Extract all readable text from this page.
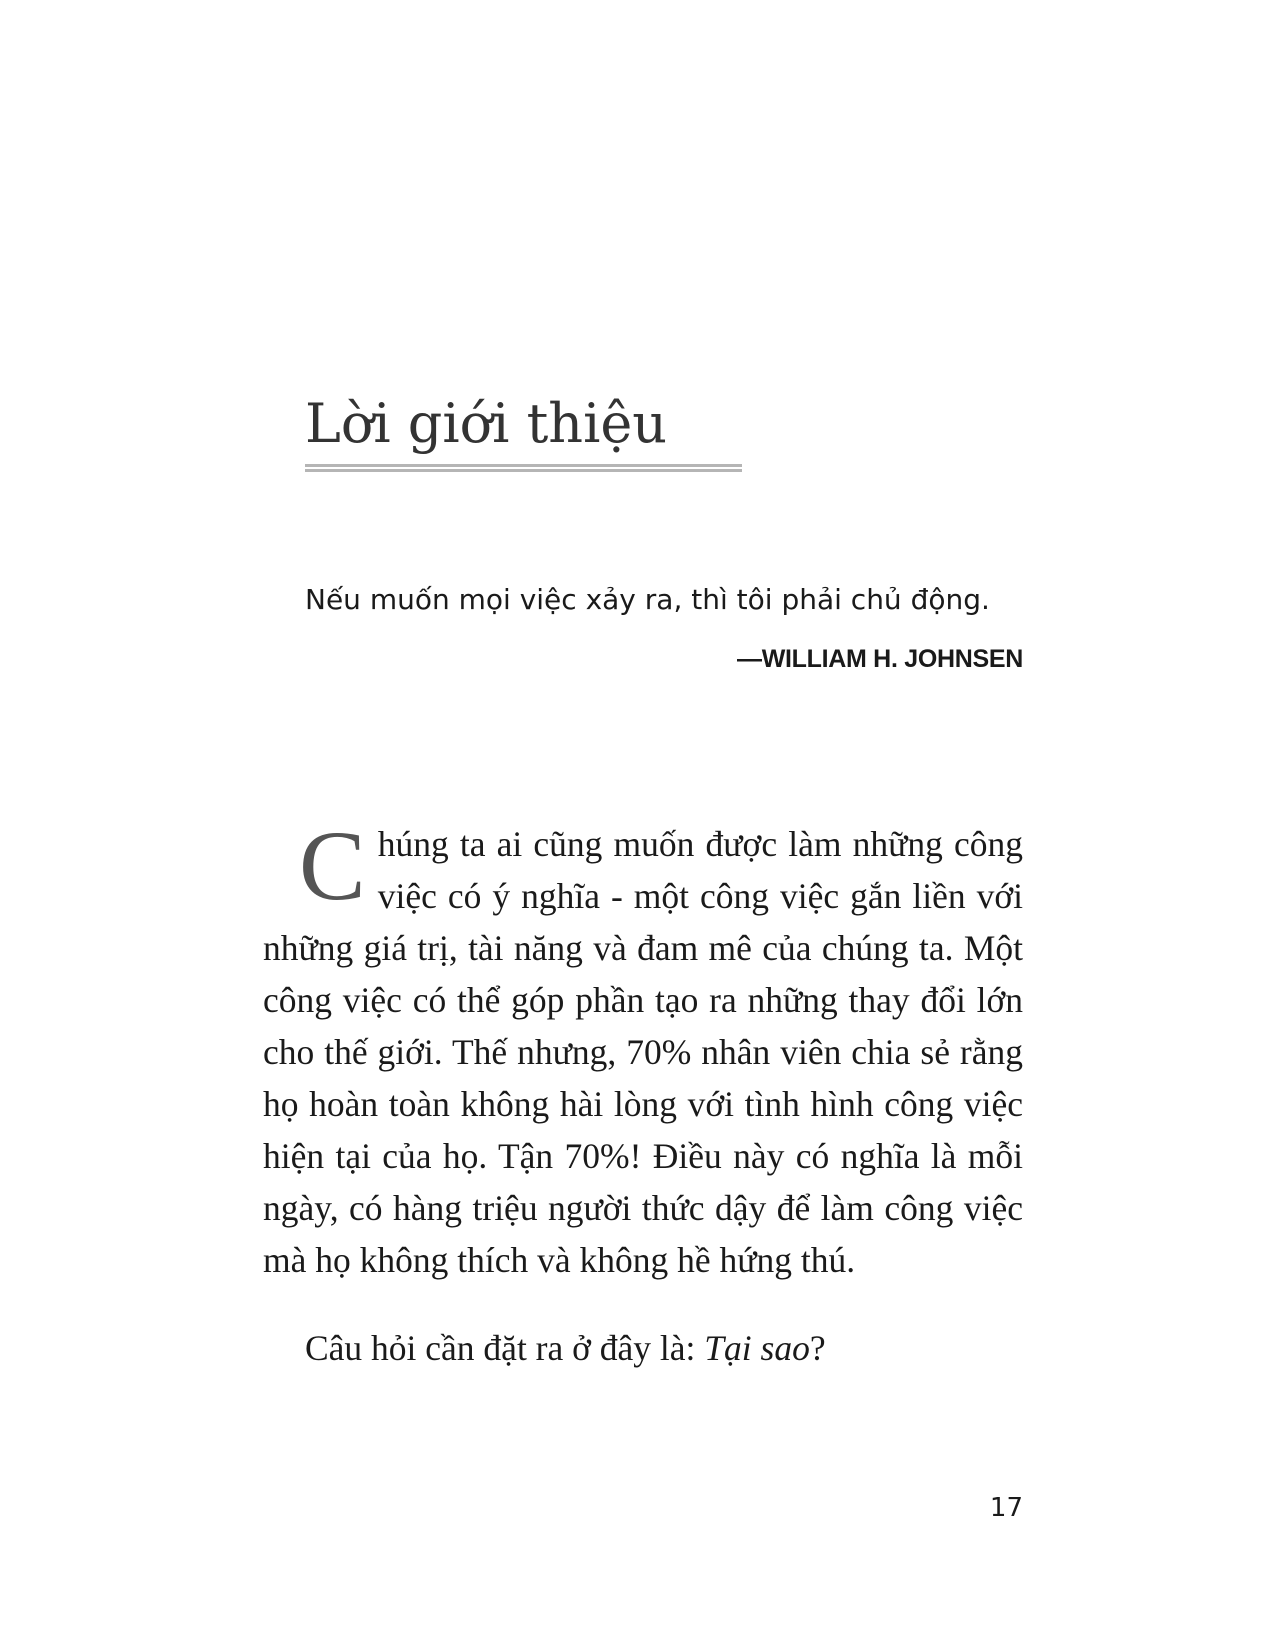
Lời giới thiệu

Nếu muốn mọi việc xảy ra, thì tôi phải chủ động.

—WILLIAM H. JOHNSEN

Chúng ta ai cũng muốn được làm những công việc có ý nghĩa - một công việc gắn liền với những giá trị, tài năng và đam mê của chúng ta. Một công việc có thể góp phần tạo ra những thay đổi lớn cho thế giới. Thế nhưng, 70% nhân viên chia sẻ rằng họ hoàn toàn không hài lòng với tình hình công việc hiện tại của họ. Tận 70%! Điều này có nghĩa là mỗi ngày, có hàng triệu người thức dậy để làm công việc mà họ không thích và không hề hứng thú.

Câu hỏi cần đặt ra ở đây là: Tại sao?

17
